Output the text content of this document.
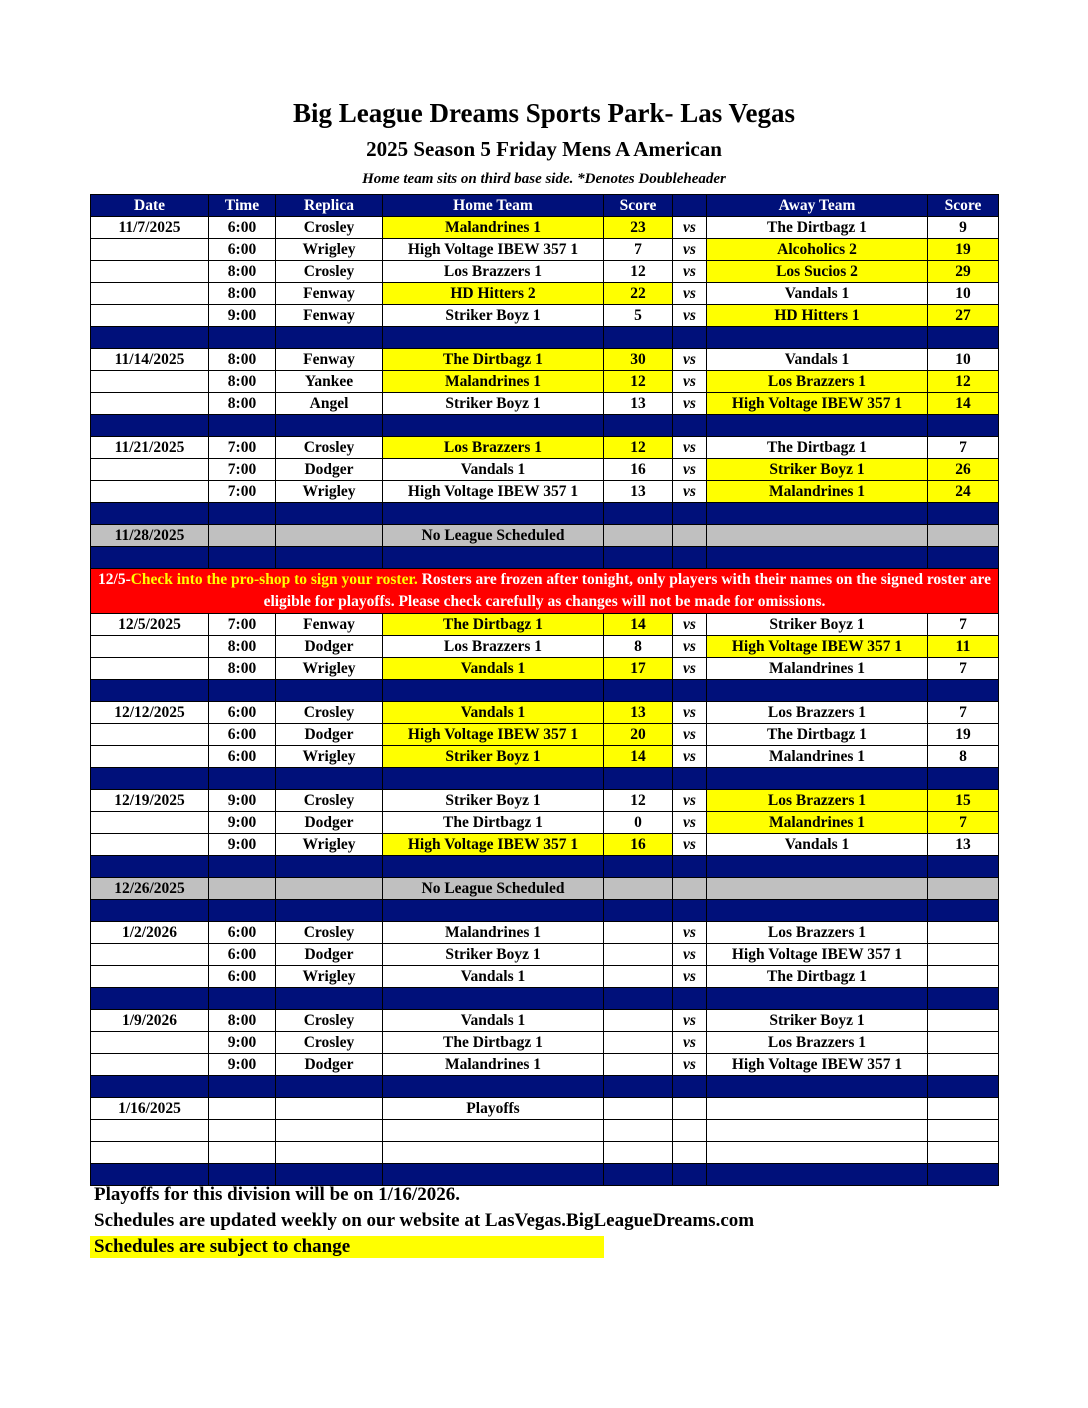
Big League Dreams Sports Park- Las Vegas
2025 Season 5 Friday Mens A American
Home team sits on third base side. *Denotes Doubleheader
Date	Time	Replica	Home Team	Score		Away Team	Score
11/7/2025	6:00	Crosley	Malandrines 1	23	vs	The Dirtbagz 1	9
	6:00	Wrigley	High Voltage IBEW 357 1	7	vs	Alcoholics 2	19
	8:00	Crosley	Los Brazzers 1	12	vs	Los Sucios 2	29
	8:00	Fenway	HD Hitters 2	22	vs	Vandals 1	10
	9:00	Fenway	Striker Boyz 1	5	vs	HD Hitters 1	27

11/14/2025	8:00	Fenway	The Dirtbagz 1	30	vs	Vandals 1	10
	8:00	Yankee	Malandrines 1	12	vs	Los Brazzers 1	12
	8:00	Angel	Striker Boyz 1	13	vs	High Voltage IBEW 357 1	14

11/21/2025	7:00	Crosley	Los Brazzers 1	12	vs	The Dirtbagz 1	7
	7:00	Dodger	Vandals 1	16	vs	Striker Boyz 1	26
	7:00	Wrigley	High Voltage IBEW 357 1	13	vs	Malandrines 1	24

11/28/2025			No League Scheduled				

12/5-Check into the pro-shop to sign your roster. Rosters are frozen after tonight, only players with their names on the signed roster are eligible for playoffs. Please check carefully as changes will not be made for omissions.							
12/5/2025	7:00	Fenway	The Dirtbagz 1	14	vs	Striker Boyz 1	7
	8:00	Dodger	Los Brazzers 1	8	vs	High Voltage IBEW 357 1	11
	8:00	Wrigley	Vandals 1	17	vs	Malandrines 1	7

12/12/2025	6:00	Crosley	Vandals 1	13	vs	Los Brazzers 1	7
	6:00	Dodger	High Voltage IBEW 357 1	20	vs	The Dirtbagz 1	19
	6:00	Wrigley	Striker Boyz 1	14	vs	Malandrines 1	8

12/19/2025	9:00	Crosley	Striker Boyz 1	12	vs	Los Brazzers 1	15
	9:00	Dodger	The Dirtbagz 1	0	vs	Malandrines 1	7
	9:00	Wrigley	High Voltage IBEW 357 1	16	vs	Vandals 1	13

12/26/2025			No League Scheduled				

1/2/2026	6:00	Crosley	Malandrines 1		vs	Los Brazzers 1	
	6:00	Dodger	Striker Boyz 1		vs	High Voltage IBEW 357 1	
	6:00	Wrigley	Vandals 1		vs	The Dirtbagz 1	

1/9/2026	8:00	Crosley	Vandals 1		vs	Striker Boyz 1	
	9:00	Crosley	The Dirtbagz 1		vs	Los Brazzers 1	
	9:00	Dodger	Malandrines 1		vs	High Voltage IBEW 357 1	

1/16/2025			Playoffs				

Playoffs for this division will be on 1/16/2026.
Schedules are updated weekly on our website at LasVegas.BigLeagueDreams.com
Schedules are subject to change
